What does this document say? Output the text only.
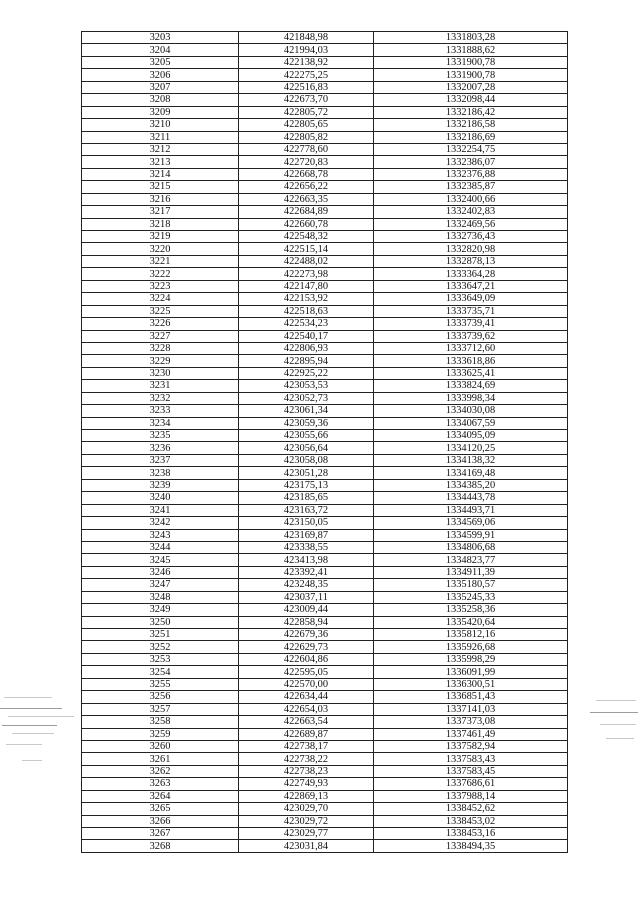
3203	421848,98	1331803,28
3204	421994,03	1331888,62
3205	422138,92	1331900,78
3206	422275,25	1331900,78
3207	422516,83	1332007,28
3208	422673,70	1332098,44
3209	422805,72	1332186,42
3210	422805,65	1332186,58
3211	422805,82	1332186,69
3212	422778,60	1332254,75
3213	422720,83	1332386,07
3214	422668,78	1332376,88
3215	422656,22	1332385,87
3216	422663,35	1332400,66
3217	422684,89	1332402,83
3218	422660,78	1332469,56
3219	422548,32	1332736,43
3220	422515,14	1332820,98
3221	422488,02	1332878,13
3222	422273,98	1333364,28
3223	422147,80	1333647,21
3224	422153,92	1333649,09
3225	422518,63	1333735,71
3226	422534,23	1333739,41
3227	422540,17	1333739,62
3228	422806,93	1333712,60
3229	422895,94	1333618,86
3230	422925,22	1333625,41
3231	423053,53	1333824,69
3232	423052,73	1333998,34
3233	423061,34	1334030,08
3234	423059,36	1334067,59
3235	423055,66	1334095,09
3236	423056,64	1334120,25
3237	423058,08	1334138,32
3238	423051,28	1334169,48
3239	423175,13	1334385,20
3240	423185,65	1334443,78
3241	423163,72	1334493,71
3242	423150,05	1334569,06
3243	423169,87	1334599,91
3244	423338,55	1334806,68
3245	423413,98	1334823,77
3246	423392,41	1334911,39
3247	423248,35	1335180,57
3248	423037,11	1335245,33
3249	423009,44	1335258,36
3250	422858,94	1335420,64
3251	422679,36	1335812,16
3252	422629,73	1335926,68
3253	422604,86	1335998,29
3254	422595,05	1336091,99
3255	422570,00	1336300,51
3256	422634,44	1336851,43
3257	422654,03	1337141,03
3258	422663,54	1337373,08
3259	422689,87	1337461,49
3260	422738,17	1337582,94
3261	422738,22	1337583,43
3262	422738,23	1337583,45
3263	422749,93	1337686,61
3264	422869,13	1337988,14
3265	423029,70	1338452,62
3266	423029,72	1338453,02
3267	423029,77	1338453,16
3268	423031,84	1338494,35
